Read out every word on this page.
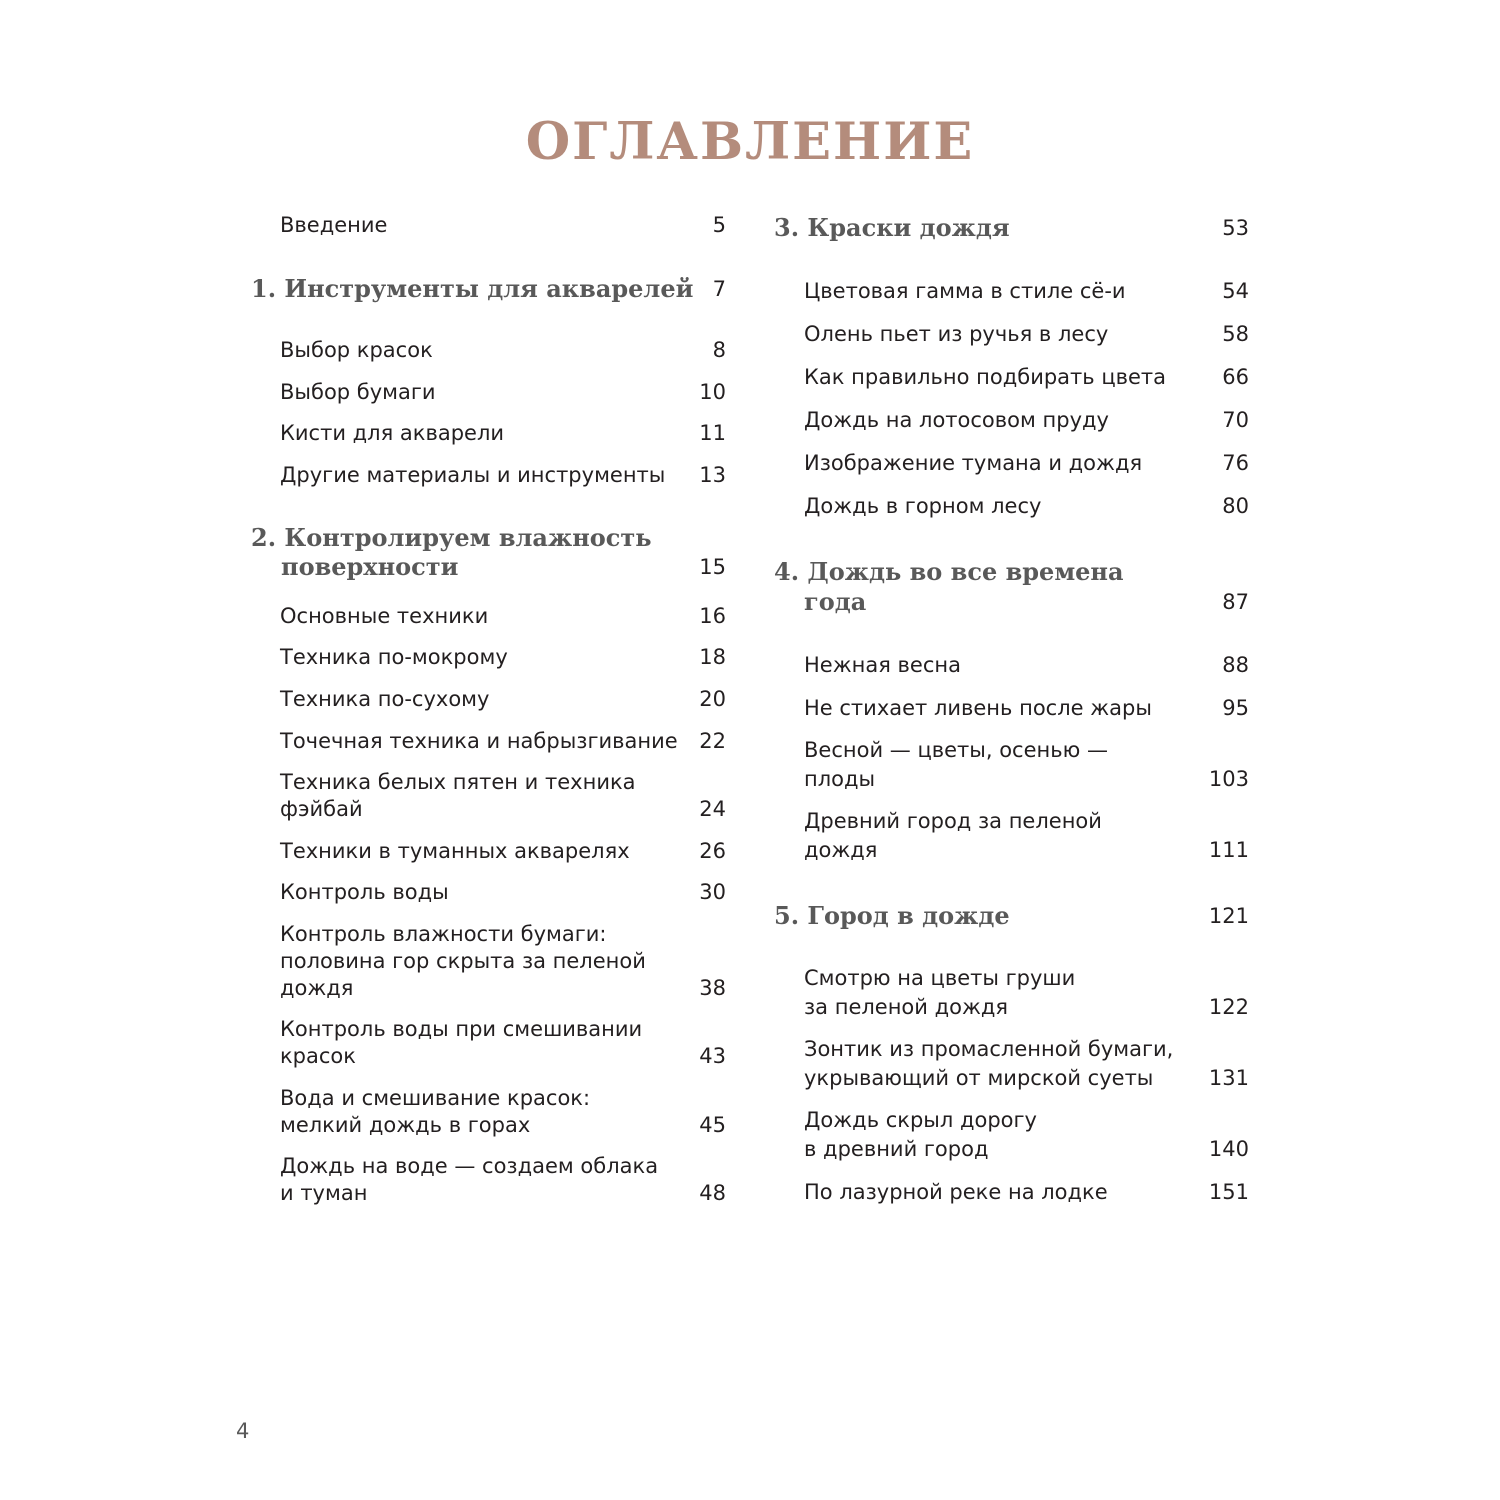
ОГЛАВЛЕНИЕ
Введение	5
1. Инструменты для акварелей 7
Выбор красок	8
Выбор бумаги	10
Кисти для акварели	11
Другие материалы и инструменты 13
2. Контролируем влажность
поверхности	15
Основные техники	16
Техника по-мокрому	18
Техника по-сухому	20
Точечная техника и набрызгивание 22
Техника белых пятен и техника
фэйбай	24
Техники в туманных акварелях	26
Контроль воды	30
Контроль влажности бумаги:
половина гор скрыта за пеленой
дождя	38
Контроль воды при смешивании
красок	43
Вода и смешивание красок:
мелкий дождь в горах	45
Дождь на воде — создаем облака
и туман	48
3. Краски дождя	53
Цветовая гамма в стиле сё-и	54
Олень пьет из ручья в лесу	58
Как правильно подбирать цвета	66
Дождь на лотосовом пруду	70
Изображение тумана и дождя	76
Дождь в горном лесу	80
4. Дождь во все времена
года	87
Нежная весна	88
Не стихает ливень после жары	95
Весной — цветы, осенью —
плоды	103
Древний город за пеленой
дождя	111
5. Город в дожде	121
Смотрю на цветы груши
за пеленой дождя	122
Зонтик из промасленной бумаги,
укрывающий от мирской суеты	131
Дождь скрыл дорогу
в древний город	140
По лазурной реке на лодке	151
4
